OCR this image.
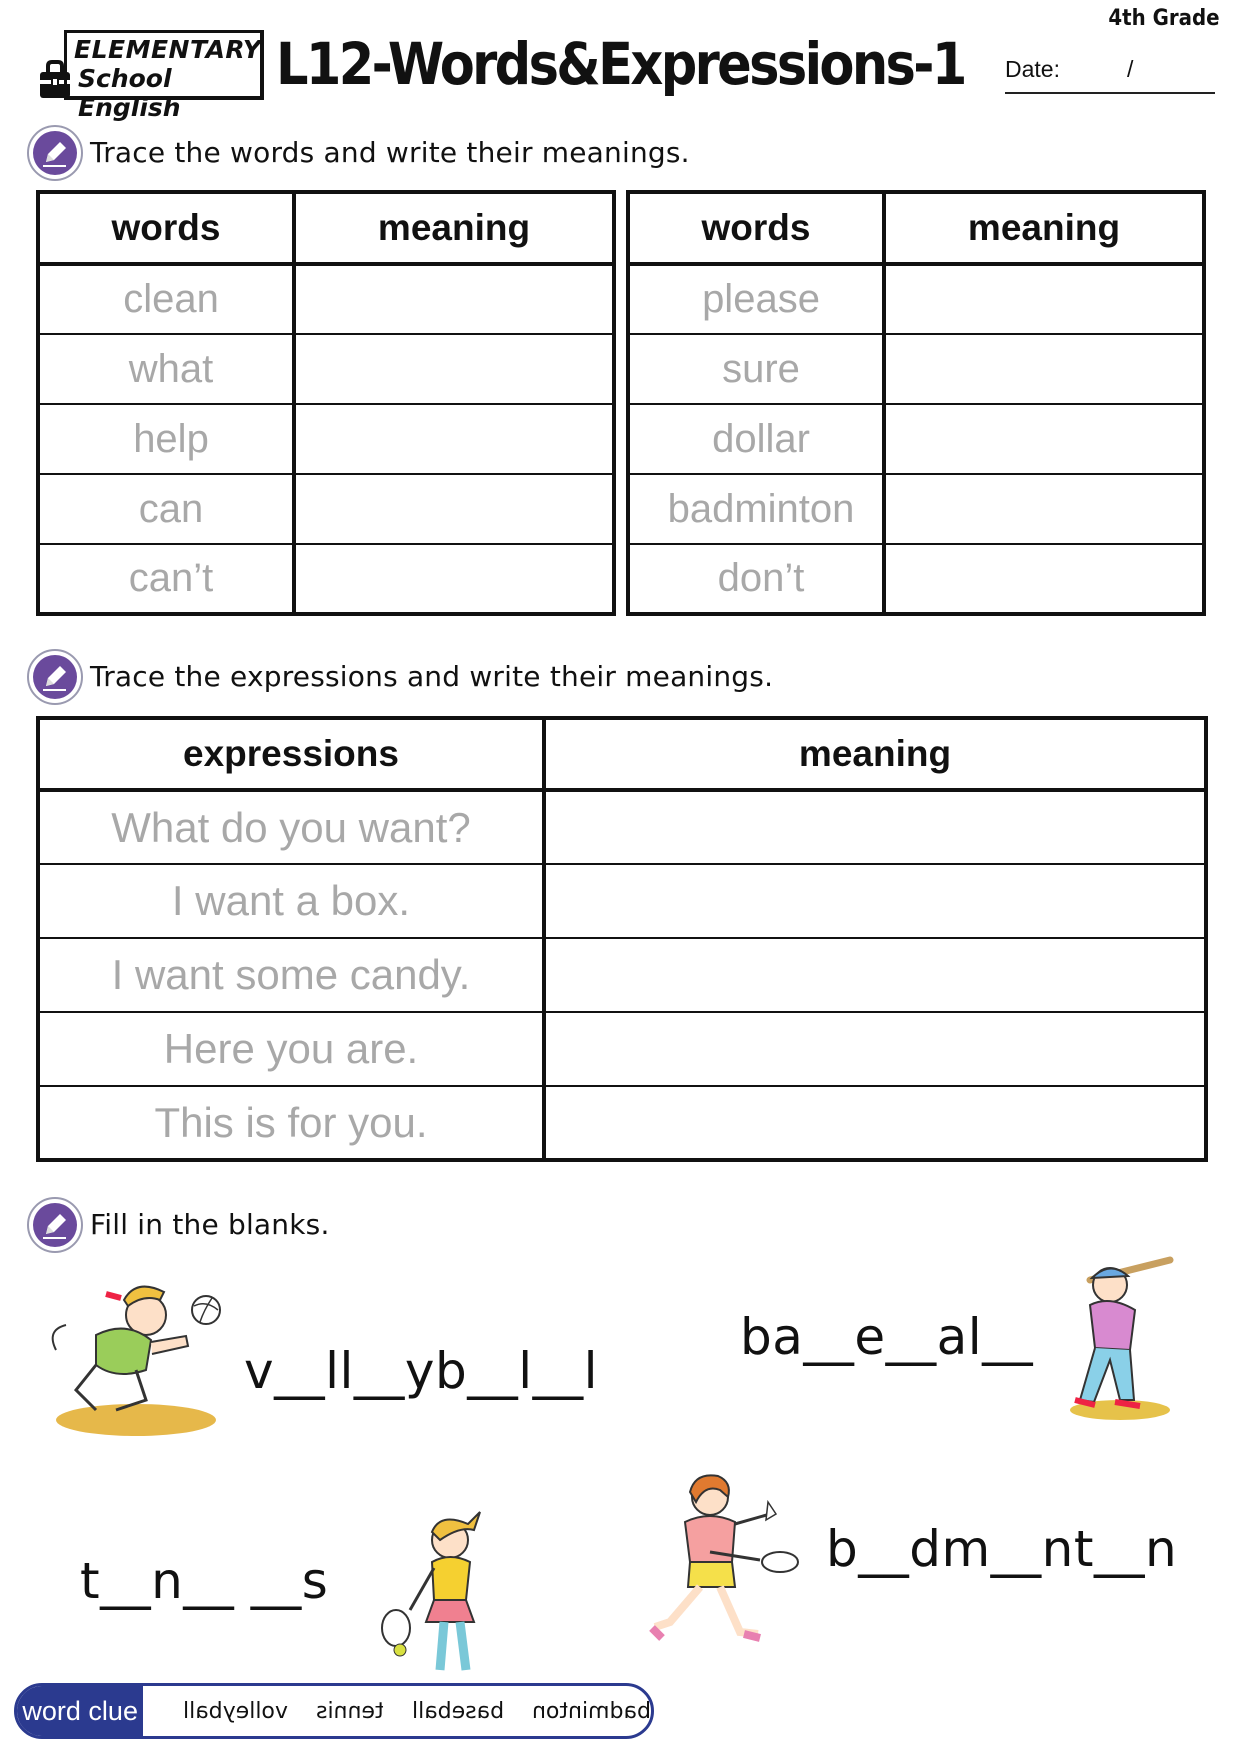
ELEMENTARY
School English
L12-Words&Expressions-1
4th Grade
Date:	/
Trace the words and write their meanings.
words	meaning
clean	
what	
help	
can	
can’t	
words	meaning
please	
sure	
dollar	
badminton	
don’t	
Trace the expressions and write their meanings.
expressions	meaning
What do you want?	
I want a box.	
I want some candy.	
Here you are.	
This is for you.	
Fill in the blanks.
v__ll__yb__l__l
ba__e__al__
b__dm__nt__n
t__n__ __s
word clue volleyball tennis baseball badminton
